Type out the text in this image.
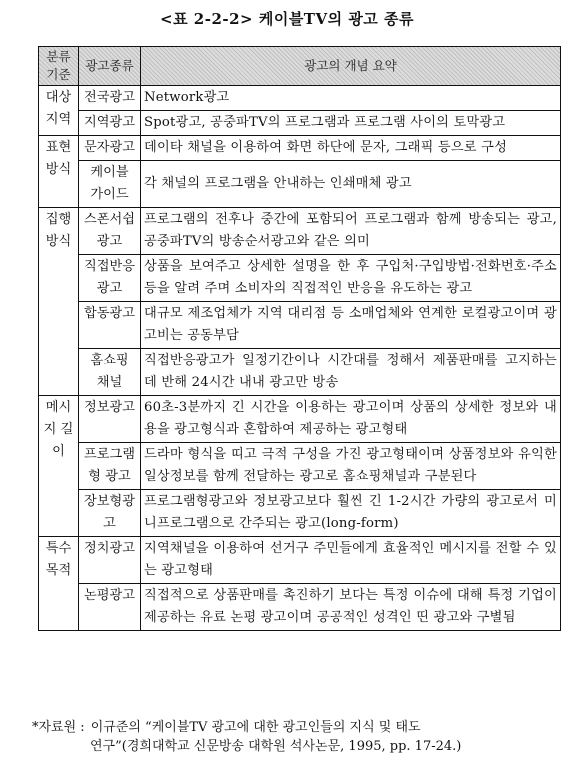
<표 2-2-2> 케이블TV의 광고 종류
분류 기준	광고종류	광고의 개념 요약
대상 지역	전국광고	Network광고
	지역광고	Spot광고, 공중파TV의 프로그램과 프로그램 사이의 토막광고
표현 방식	문자광고	데이타 채널을 이용하여 화면 하단에 문자, 그래픽 등으로 구성
	케이블 가이드	각 채널의 프로그램을 안내하는 인쇄매체 광고
집행 방식	스폰서쉽 광고	프로그램의 전후나 중간에 포함되어 프로그램과 함께 방송되는 광고, 공중파TV의 방송순서광고와 같은 의미
	직접반응 광고	상품을 보여주고 상세한 설명을 한 후 구입처·구입방법·전화번호·주소 등을 알려 주며 소비자의 직접적인 반응을 유도하는 광고
	합동광고	대규모 제조업체가 지역 대리점 등 소매업체와 연계한 로컬광고이며 광고비는 공동부담
	홈쇼핑 채널	직접반응광고가 일정기간이나 시간대를 정해서 제품판매를 고지하는 데 반해 24시간 내내 광고만 방송
메시지 길이	정보광고	60초-3분까지 긴 시간을 이용하는 광고이며 상품의 상세한 정보와 내용을 광고형식과 혼합하여 제공하는 광고형태
	프로그램형 광고	드라마 형식을 띠고 극적 구성을 가진 광고형태이며 상품정보와 유익한 일상정보를 함께 전달하는 광고로 홈쇼핑채널과 구분된다
	장보형광고	프로그램형광고와 정보광고보다 훨씬 긴 1-2시간 가량의 광고로서 미니프로그램으로 간주되는 광고(long-form)
특수 목적	정치광고	지역채널을 이용하여 선거구 주민들에게 효율적인 메시지를 전할 수 있는 광고형태
	논평광고	직접적으로 상품판매를 촉진하기 보다는 특정 이슈에 대해 특정 기업이 제공하는 유료 논평 광고이며 공공적인 성격인 띤 광고와 구별됨
*자료원 : 이규준의 “케이블TV 광고에 대한 광고인들의 지식 및 태도
연구”(경희대학교 신문방송 대학원 석사논문, 1995, pp. 17-24.)
